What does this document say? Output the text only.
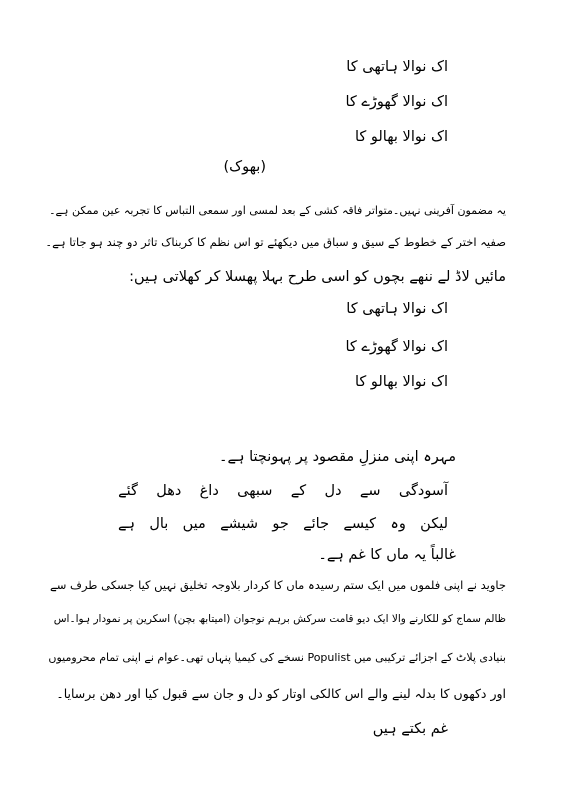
اک نوالا ہاتھی کا

اک نوالا گھوڑے کا

اک نوالا بھالو کا

(بھوک)

یہ مضمون آفرینی نہیں۔متواتر فاقہ کشی کے بعد لمسی اور سمعی التباس کا تجربہ عین ممکن ہے۔

صفیہ اختر کے خطوط کے سیق و سباق میں دیکھئے تو اس نظم کا کربناک تاثر دو چند ہو جاتا ہے۔

مائیں لاڈ لے ننھے بچوں کو اسی طرح بہلا پھسلا کر کھلاتی ہیں:

اک نوالا ہاتھی کا

اک نوالا گھوڑے کا

اک نوالا بھالو کا

مہرہ اپنی منزلِ مقصود پر پہونچتا ہے۔

آسودگی
سے
دل
کے
سبھی
داغ
دھل
گئے
لیکن
وہ
کیسے
جائے
جو
شیشے
میں
بال
ہے

غالباً یہ ماں کا غم ہے۔

جاوید نے اپنی فلموں میں ایک ستم رسیدہ ماں کا کردار بلاوجہ تخلیق نہیں کیا جسکی طرف سے

ظالم سماج کو للکارنے والا ایک دیو قامت سرکش برہم نوجوان (امیتابھ بچن) اسکرین پر نمودار ہوا۔اس

بنیادی پلاٹ کے اجزائے ترکیبی میں Populist نسخے کی کیمیا پنہاں تھی۔عوام نے اپنی تمام محرومیوں

اور دکھوں کا بدلہ لینے والے اس کالکی اوتار کو دل و جان سے قبول کیا اور دھن برسایا۔

غم بکتے ہیں
